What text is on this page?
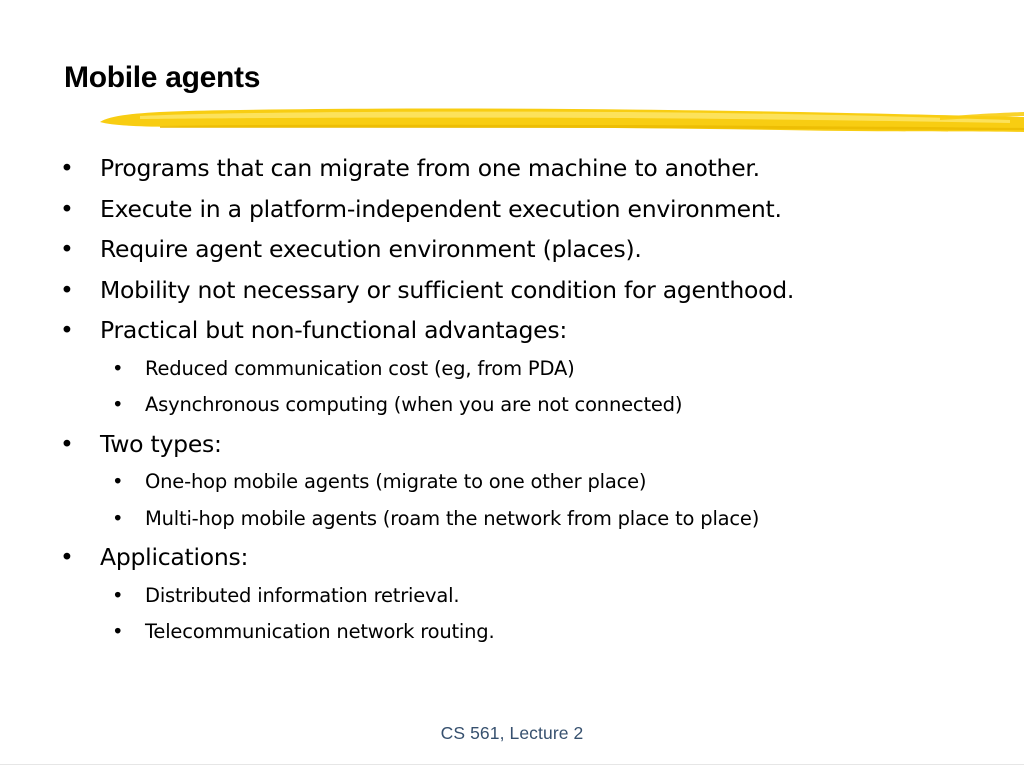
Mobile agents
• Programs that can migrate from one machine to another.
• Execute in a platform-independent execution environment.
• Require agent execution environment (places).
• Mobility not necessary or sufficient condition for agenthood.
• Practical but non-functional advantages:
• Reduced communication cost (eg, from PDA)
• Asynchronous computing (when you are not connected)
• Two types:
• One-hop mobile agents (migrate to one other place)
• Multi-hop mobile agents (roam the network from place to place)
• Applications:
• Distributed information retrieval.
• Telecommunication network routing.
CS 561, Lecture 2
